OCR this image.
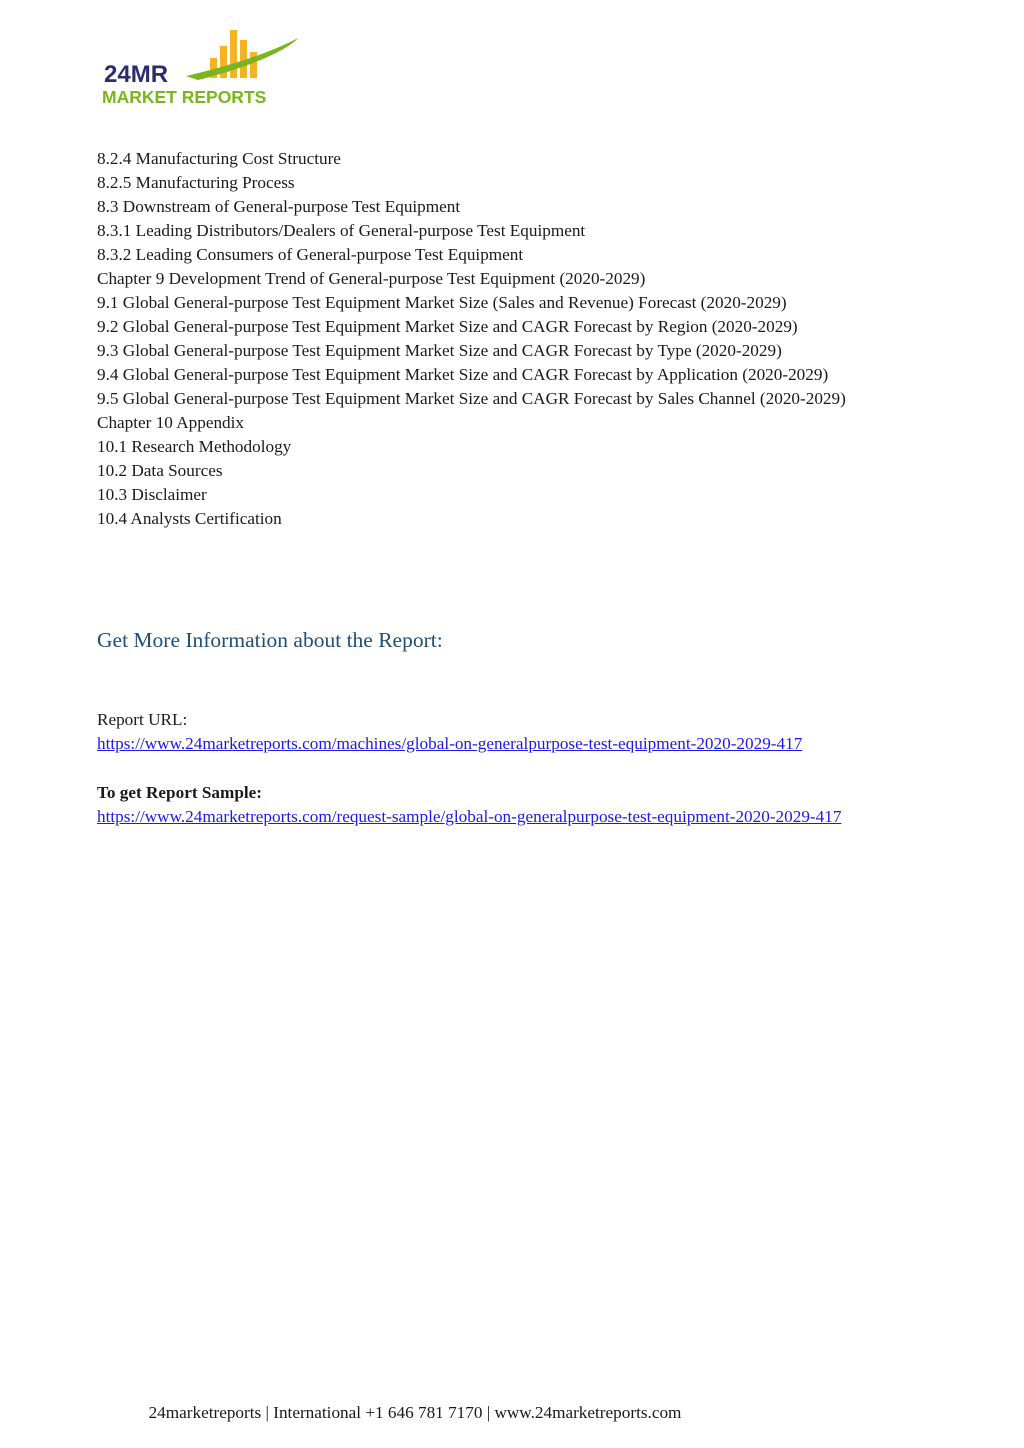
24MR
MARKET REPORTS
8.2.4 Manufacturing Cost Structure
8.2.5 Manufacturing Process
8.3 Downstream of General-purpose Test Equipment
8.3.1 Leading Distributors/Dealers of General-purpose Test Equipment
8.3.2 Leading Consumers of General-purpose Test Equipment
Chapter 9 Development Trend of General-purpose Test Equipment (2020-2029)
9.1 Global General-purpose Test Equipment Market Size (Sales and Revenue) Forecast (2020-2029)
9.2 Global General-purpose Test Equipment Market Size and CAGR Forecast by Region (2020-2029)
9.3 Global General-purpose Test Equipment Market Size and CAGR Forecast by Type (2020-2029)
9.4 Global General-purpose Test Equipment Market Size and CAGR Forecast by Application (2020-2029)
9.5 Global General-purpose Test Equipment Market Size and CAGR Forecast by Sales Channel (2020-2029)
Chapter 10 Appendix
10.1 Research Methodology
10.2 Data Sources
10.3 Disclaimer
10.4 Analysts Certification
Get More Information about the Report:
Report URL:
https://www.24marketreports.com/machines/global-on-generalpurpose-test-equipment-2020-2029-417
To get Report Sample:
https://www.24marketreports.com/request-sample/global-on-generalpurpose-test-equipment-2020-2029-417
24marketreports | International +1 646 781 7170 | www.24marketreports.com
